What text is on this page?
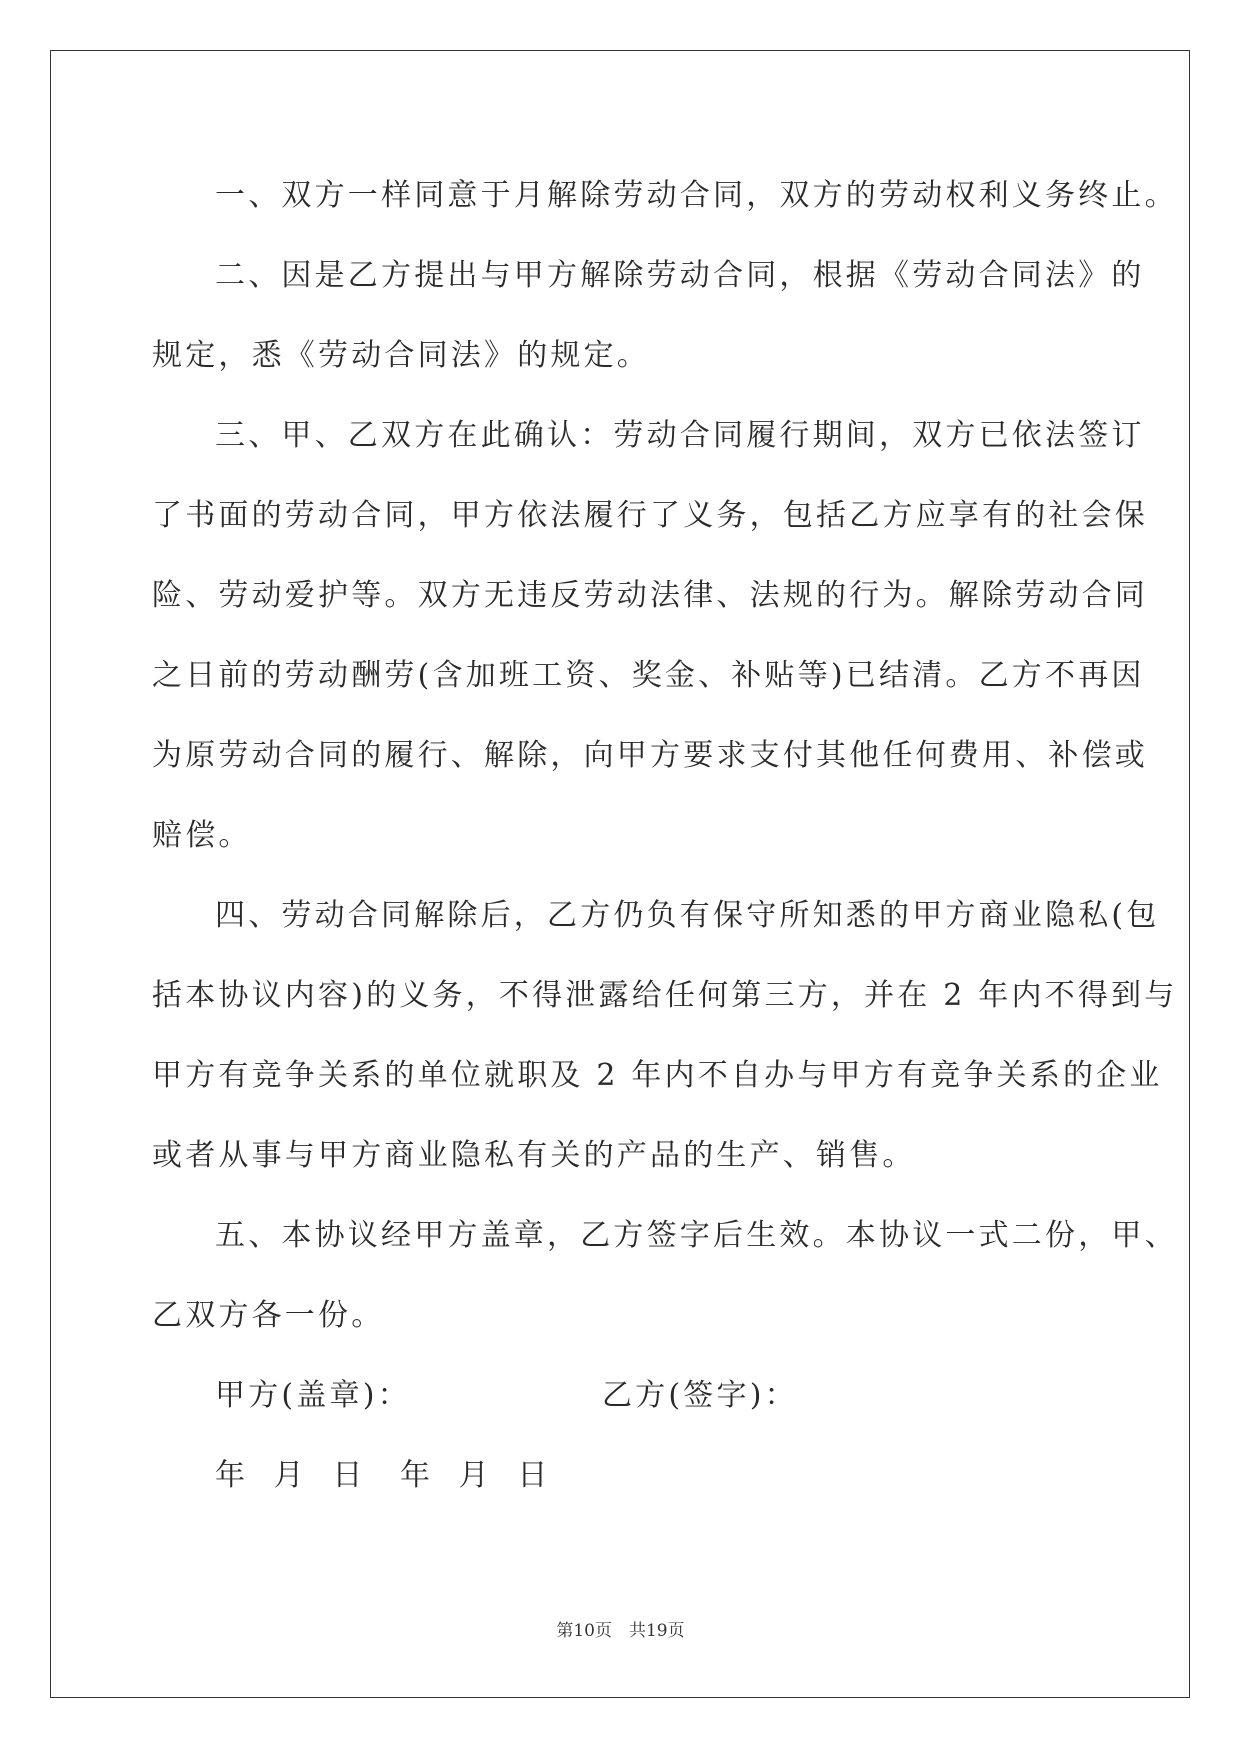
一、双方一样同意于月解除劳动合同，双方的劳动权利义务终止。
二、因是乙方提出与甲方解除劳动合同，根据《劳动合同法》的
规定，悉《劳动合同法》的规定。
三、甲、乙双方在此确认：劳动合同履行期间，双方已依法签订
了书面的劳动合同，甲方依法履行了义务，包括乙方应享有的社会保
险、劳动爱护等。双方无违反劳动法律、法规的行为。解除劳动合同
之日前的劳动酬劳(含加班工资、奖金、补贴等)已结清。乙方不再因
为原劳动合同的履行、解除，向甲方要求支付其他任何费用、补偿或
赔偿。
四、劳动合同解除后，乙方仍负有保守所知悉的甲方商业隐私(包
括本协议内容)的义务，不得泄露给任何第三方，并在 2 年内不得到与
甲方有竞争关系的单位就职及 2 年内不自办与甲方有竞争关系的企业
或者从事与甲方商业隐私有关的产品的生产、销售。
五、本协议经甲方盖章，乙方签字后生效。本协议一式二份，甲、
乙双方各一份。
甲方(盖章)：	乙方(签字)：
年  月  日 年  月  日
第10页　共19页
